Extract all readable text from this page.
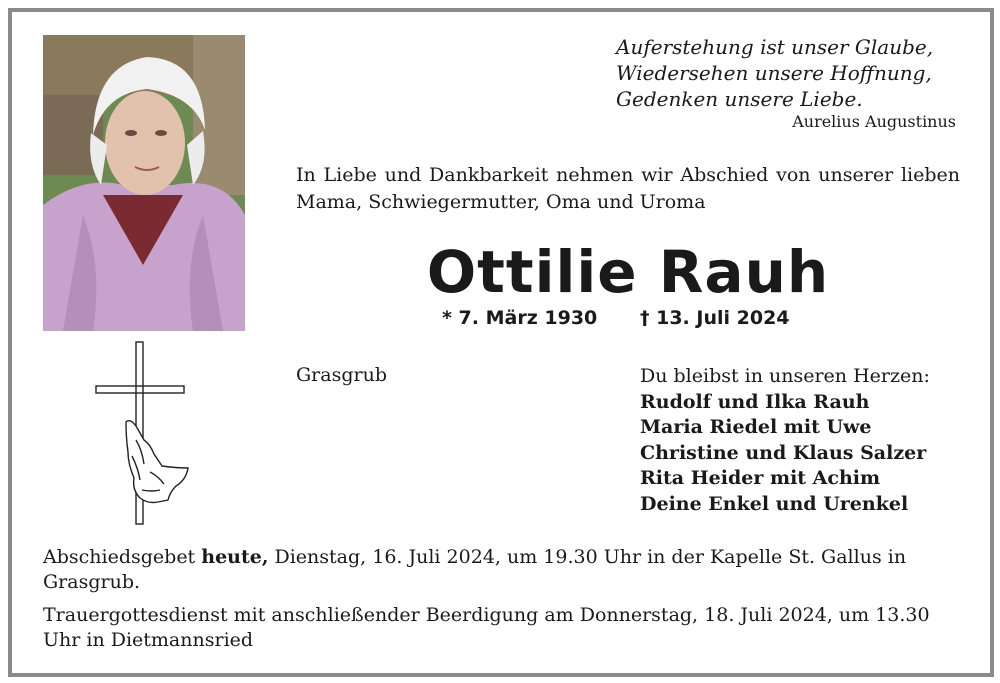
Auferstehung ist unser Glaube,
Wiedersehen unsere Hoffnung,
Gedenken unsere Liebe.
Aurelius Augustinus
In Liebe und Dankbarkeit nehmen wir Abschied von unserer lieben Mama, Schwiegermutter, Oma und Uroma
Ottilie Rauh
* 7. März 1930 † 13. Juli 2024
Grasgrub	Du bleibst in unseren Herzen:
Rudolf und Ilka Rauh
Maria Riedel mit Uwe
Christine und Klaus Salzer
Rita Heider mit Achim
Deine Enkel und Urenkel
Abschiedsgebet heute, Dienstag, 16. Juli 2024, um 19.30 Uhr in der Kapelle St. Gallus in Grasgrub.
Trauergottesdienst mit anschließender Beerdigung am Donnerstag, 18. Juli 2024, um 13.30 Uhr in Dietmannsried
